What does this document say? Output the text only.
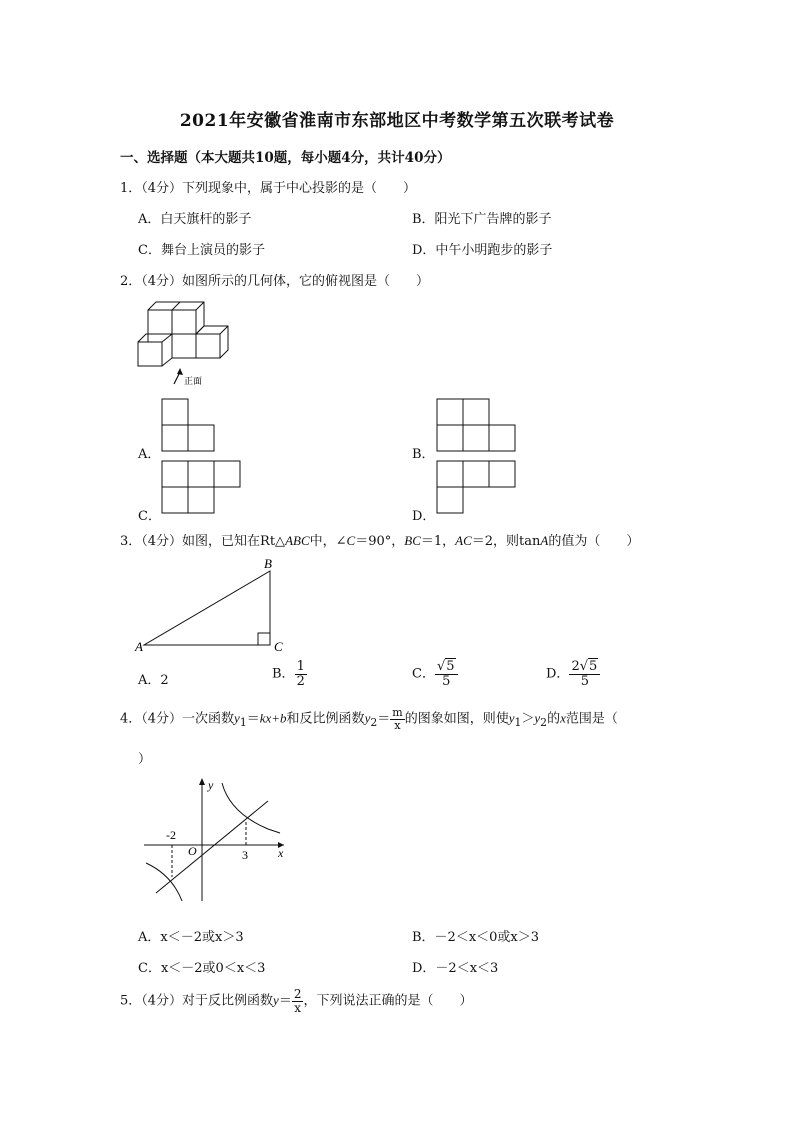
2021年安徽省淮南市东部地区中考数学第五次联考试卷
一、选择题（本大题共10题，每小题4分，共计40分）
1．（4分）下列现象中，属于中心投影的是（　　）
A．白天旗杆的影子	B．阳光下广告牌的影子
C．舞台上演员的影子	D．中午小明跑步的影子
2．（4分）如图所示的几何体，它的俯视图是（　　）
正面
A．	B．
C．	D．
3．（4分）如图，已知在Rt△ABC中，∠C＝90°，BC＝1，AC＝2，则tanA的值为（　　）
A
B
C
A．2	B． $\frac{1}{2}$	C． $\frac{√5}{5}$	D． $\frac{2√5}{5}$
4．（4分）一次函数$y_1=kx+b$和反比例函数$y_2= \frac{m}{x}$ 的图象如图，则使$y_1>y_2$的x范围是（
）
y
x
O
-2
3
A．x＜－2或x＞3	B．－2＜x＜0或x＞3
C．x＜－2或0＜x＜3	D．－2＜x＜3
5．（4分）对于反比例函数$y= \frac{2}{x}$ ，下列说法正确的是（　　）
